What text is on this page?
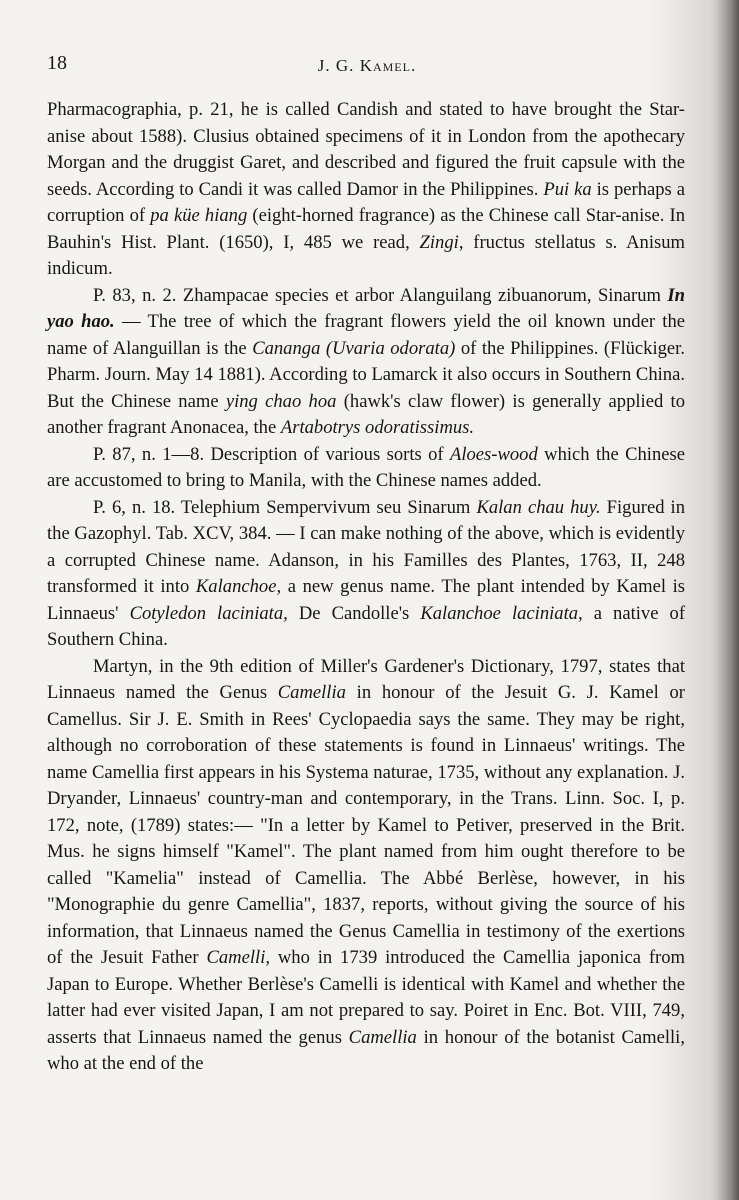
18	J. G. Kamel.

Pharmacographia, p. 21, he is called Candish and stated to have brought the Star-anise about 1588). Clusius obtained specimens of it in London from the apothecary Morgan and the druggist Garet, and described and figured the fruit capsule with the seeds. According to Candi it was called Damor in the Philippines. Pui ka is perhaps a corruption of pa küe hiang (eight-horned fragrance) as the Chinese call Star-anise. In Bauhin's Hist. Plant. (1650), I, 485 we read, Zingi, fructus stellatus s. Anisum indicum.

P. 83, n. 2. Zhampacae species et arbor Alanguilang zibuanorum, Sinarum In yao hao. — The tree of which the fragrant flowers yield the oil known under the name of Alanguillan is the Cananga (Uvaria odorata) of the Philippines. (Flückiger. Pharm. Journ. May 14 1881). According to Lamarck it also occurs in Southern China. But the Chinese name ying chao hoa (hawk's claw flower) is generally applied to another fragrant Anonacea, the Artabotrys odoratissimus.

P. 87, n. 1—8. Description of various sorts of Aloes-wood which the Chinese are accustomed to bring to Manila, with the Chinese names added.

P. 6, n. 18. Telephium Sempervivum seu Sinarum Kalan chau huy. Figured in the Gazophyl. Tab. XCV, 384. — I can make nothing of the above, which is evidently a corrupted Chinese name. Adanson, in his Familles des Plantes, 1763, II, 248 transformed it into Kalanchoe, a new genus name. The plant intended by Kamel is Linnaeus' Cotyledon laciniata, De Candolle's Kalanchoe laciniata, a native of Southern China.

Martyn, in the 9th edition of Miller's Gardener's Dictionary, 1797, states that Linnaeus named the Genus Camellia in honour of the Jesuit G. J. Kamel or Camellus. Sir J. E. Smith in Rees' Cyclopaedia says the same. They may be right, although no corroboration of these statements is found in Linnaeus' writings. The name Camellia first appears in his Systema naturae, 1735, without any explanation. J. Dryander, Linnaeus' country-man and contemporary, in the Trans. Linn. Soc. I, p. 172, note, (1789) states:— "In a letter by Kamel to Petiver, preserved in the Brit. Mus. he signs himself "Kamel". The plant named from him ought therefore to be called "Kamelia" instead of Camellia. The Abbé Berlèse, however, in his "Monographie du genre Camellia", 1837, reports, without giving the source of his information, that Linnaeus named the Genus Camellia in testimony of the exertions of the Jesuit Father Camelli, who in 1739 introduced the Camellia japonica from Japan to Europe. Whether Berlèse's Camelli is identical with Kamel and whether the latter had ever visited Japan, I am not prepared to say. Poiret in Enc. Bot. VIII, 749, asserts that Linnaeus named the genus Camellia in honour of the botanist Camelli, who at the end of the
